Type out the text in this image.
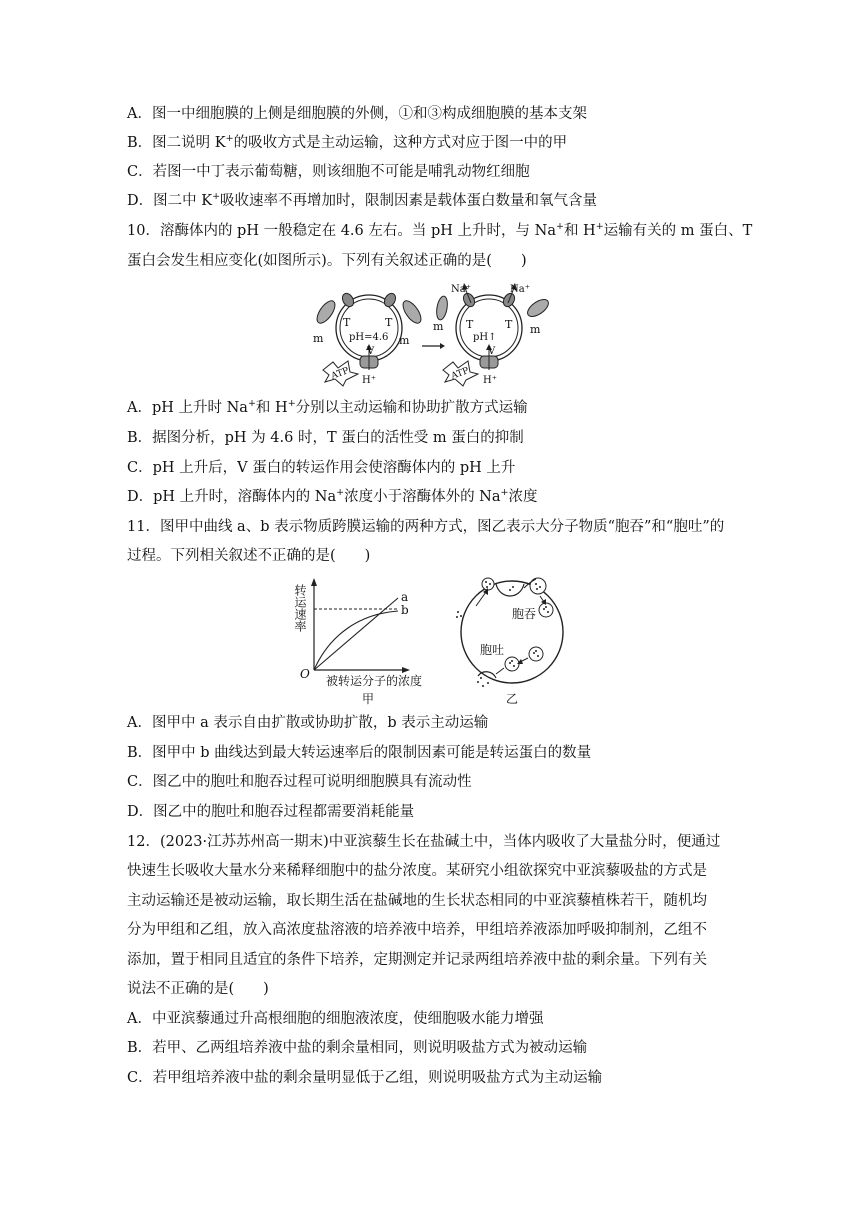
A．图一中细胞膜的上侧是细胞膜的外侧，①和③构成细胞膜的基本支架
B．图二说明 K+的吸收方式是主动运输，这种方式对应于图一中的甲
C．若图一中丁表示葡萄糖，则该细胞不可能是哺乳动物红细胞
D．图二中 K+吸收速率不再增加时，限制因素是载体蛋白数量和氧气含量
10．溶酶体内的 pH 一般稳定在 4.6 左右。当 pH 上升时，与 Na+和 H+运输有关的 m 蛋白、T
蛋白会发生相应变化(如图所示)。下列有关叙述正确的是(　　)
T	T
m	m
pH=4.6
V
ATP H⁺
Na⁺	Na⁺
T	T
m	m
pH↑
V
ATP H⁺
A．pH 上升时 Na+和 H+分别以主动运输和协助扩散方式运输
B．据图分析，pH 为 4.6 时，T 蛋白的活性受 m 蛋白的抑制
C．pH 上升后，V 蛋白的转运作用会使溶酶体内的 pH 上升
D．pH 上升时，溶酶体内的 Na+浓度小于溶酶体外的 Na+浓度
11．图甲中曲线 a、b 表示物质跨膜运输的两种方式，图乙表示大分子物质“胞吞”和“胞吐”的
过程。下列相关叙述不正确的是(　　)
转运速率
O
a
b
被转运分子的浓度
甲
胞吞
胞吐
乙
A．图甲中 a 表示自由扩散或协助扩散，b 表示主动运输
B．图甲中 b 曲线达到最大转运速率后的限制因素可能是转运蛋白的数量
C．图乙中的胞吐和胞吞过程可说明细胞膜具有流动性
D．图乙中的胞吐和胞吞过程都需要消耗能量
12．(2023·江苏苏州高一期末)中亚滨藜生长在盐碱土中，当体内吸收了大量盐分时，便通过
快速生长吸收大量水分来稀释细胞中的盐分浓度。某研究小组欲探究中亚滨藜吸盐的方式是
主动运输还是被动运输，取长期生活在盐碱地的生长状态相同的中亚滨藜植株若干，随机均
分为甲组和乙组，放入高浓度盐溶液的培养液中培养，甲组培养液添加呼吸抑制剂，乙组不
添加，置于相同且适宜的条件下培养，定期测定并记录两组培养液中盐的剩余量。下列有关
说法不正确的是(　　)
A．中亚滨藜通过升高根细胞的细胞液浓度，使细胞吸水能力增强
B．若甲、乙两组培养液中盐的剩余量相同，则说明吸盐方式为被动运输
C．若甲组培养液中盐的剩余量明显低于乙组，则说明吸盐方式为主动运输
